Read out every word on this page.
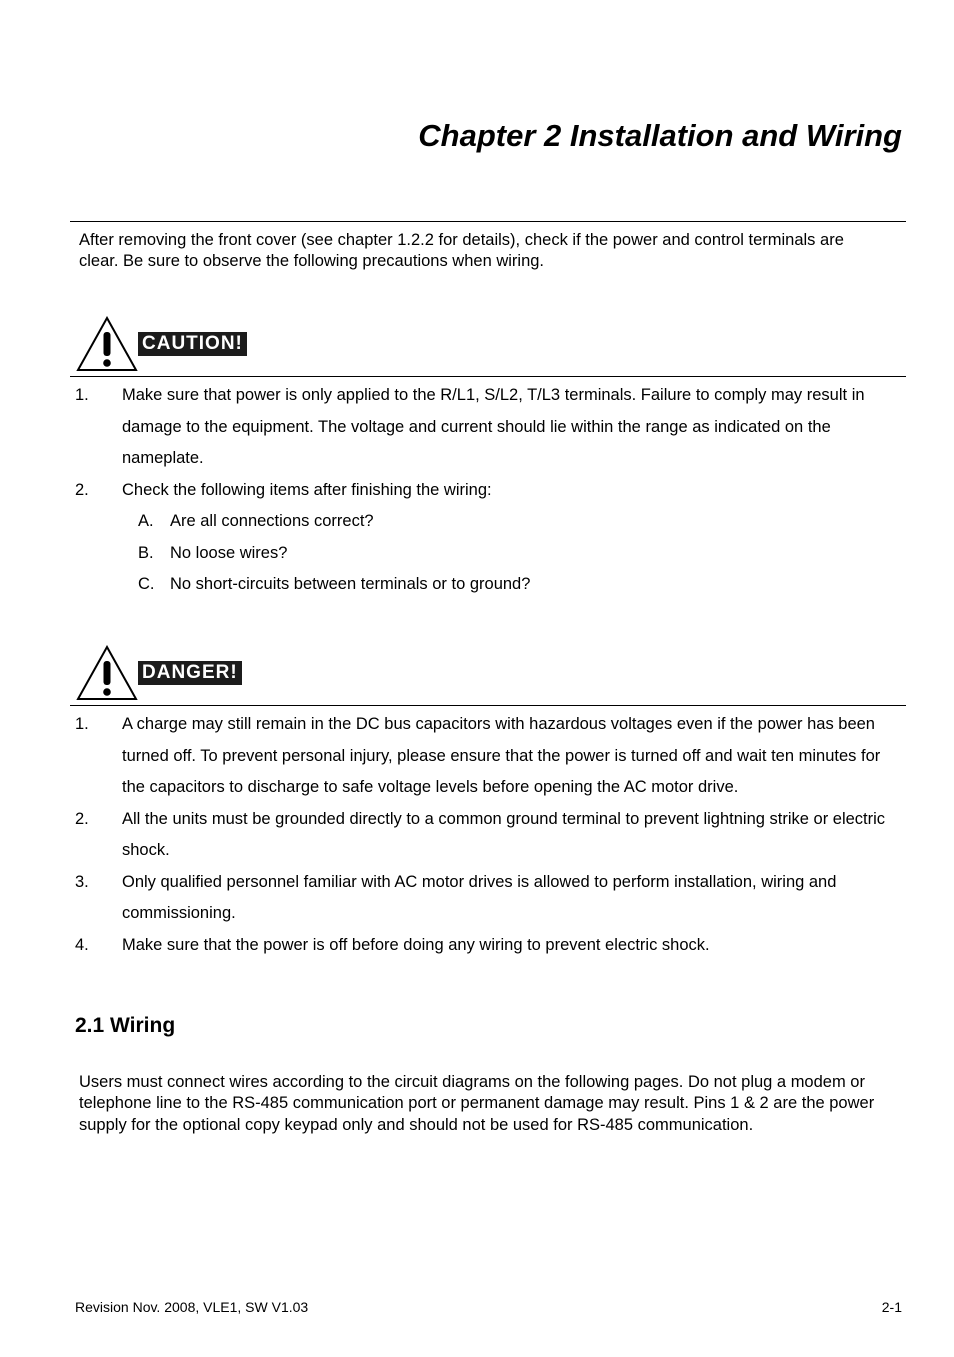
Chapter 2 Installation and Wiring

After removing the front cover (see chapter 1.2.2 for details), check if the power and control terminals are clear. Be sure to observe the following precautions when wiring.

CAUTION!
1. Make sure that power is only applied to the R/L1, S/L2, T/L3 terminals. Failure to comply may result in damage to the equipment. The voltage and current should lie within the range as indicated on the nameplate.
2. Check the following items after finishing the wiring:
A. Are all connections correct?
B. No loose wires?
C. No short-circuits between terminals or to ground?
DANGER!
1. A charge may still remain in the DC bus capacitors with hazardous voltages even if the power has been turned off. To prevent personal injury, please ensure that the power is turned off and wait ten minutes for the capacitors to discharge to safe voltage levels before opening the AC motor drive.
2. All the units must be grounded directly to a common ground terminal to prevent lightning strike or electric shock.
3. Only qualified personnel familiar with AC motor drives is allowed to perform installation, wiring and commissioning.
4. Make sure that the power is off before doing any wiring to prevent electric shock.
2.1 Wiring

Users must connect wires according to the circuit diagrams on the following pages. Do not plug a modem or telephone line to the RS-485 communication port or permanent damage may result. Pins 1 & 2 are the power supply for the optional copy keypad only and should not be used for RS-485 communication.

Revision Nov. 2008, VLE1, SW V1.03	2-1
